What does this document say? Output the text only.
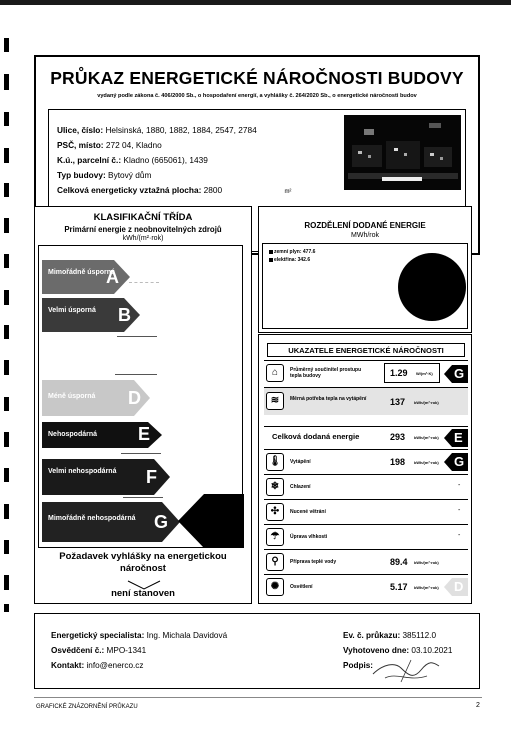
PRŮKAZ ENERGETICKÉ NÁROČNOSTI BUDOVY
vydaný podle zákona č. 406/2000 Sb., o hospodaření energií, a vyhlášky č. 264/2020 Sb., o energetické náročnosti budov
Ulice, číslo: Helsinská, 1880, 1882, 1884, 2547, 2784
PSČ, místo: 272 04, Kladno
K.ú., parcelní č.: Kladno (665061), 1439
Typ budovy: Bytový dům
Celková energeticky vztažná plocha: 2800	m²
KLASIFIKAČNÍ TŘÍDA
Primární energie z neobnovitelných zdrojů
kWh/(m²·rok)
Mimořádně úsporná
A
Velmi úsporná B
Méně úsporná D
Nehospodárná E
Velmi nehospodárná F
Mimořádně nehospodárná G
Požadavek vyhlášky na energetickou náročnost
není stanoven
ROZDĚLENÍ DODANÉ ENERGIE
MWh/rok
zemní plyn: 477.6
elektřina: 342.6
UKAZATELE ENERGETICKÉ NÁROČNOSTI
⌂	Průměrný součinitel prostupu tepla budovy	1.29 W/(m²·K) G
≋	Měrná potřeba tepla na vytápění	137 kWh/(m²·rok)
Celková dodaná energie	293 kWh/(m²·rok) E
🌡	Vytápění	198 kWh/(m²·rok) G
❄	Chlazení	-
✣	Nucené větrání	-
☂	Úprava vlhkosti	-
⚲	Příprava teplé vody	89.4 kWh/(m²·rok)
✺	Osvětlení	5.17 kWh/(m²·rok) D
Energetický specialista: Ing. Michala Davidová
Osvědčení č.: MPO-1341
Kontakt: info@enerco.cz
Ev. č. průkazu: 385112.0
Vyhotoveno dne: 03.10.2021
Podpis:
GRAFICKÉ ZNÁZORNĚNÍ PRŮKAZU	2
